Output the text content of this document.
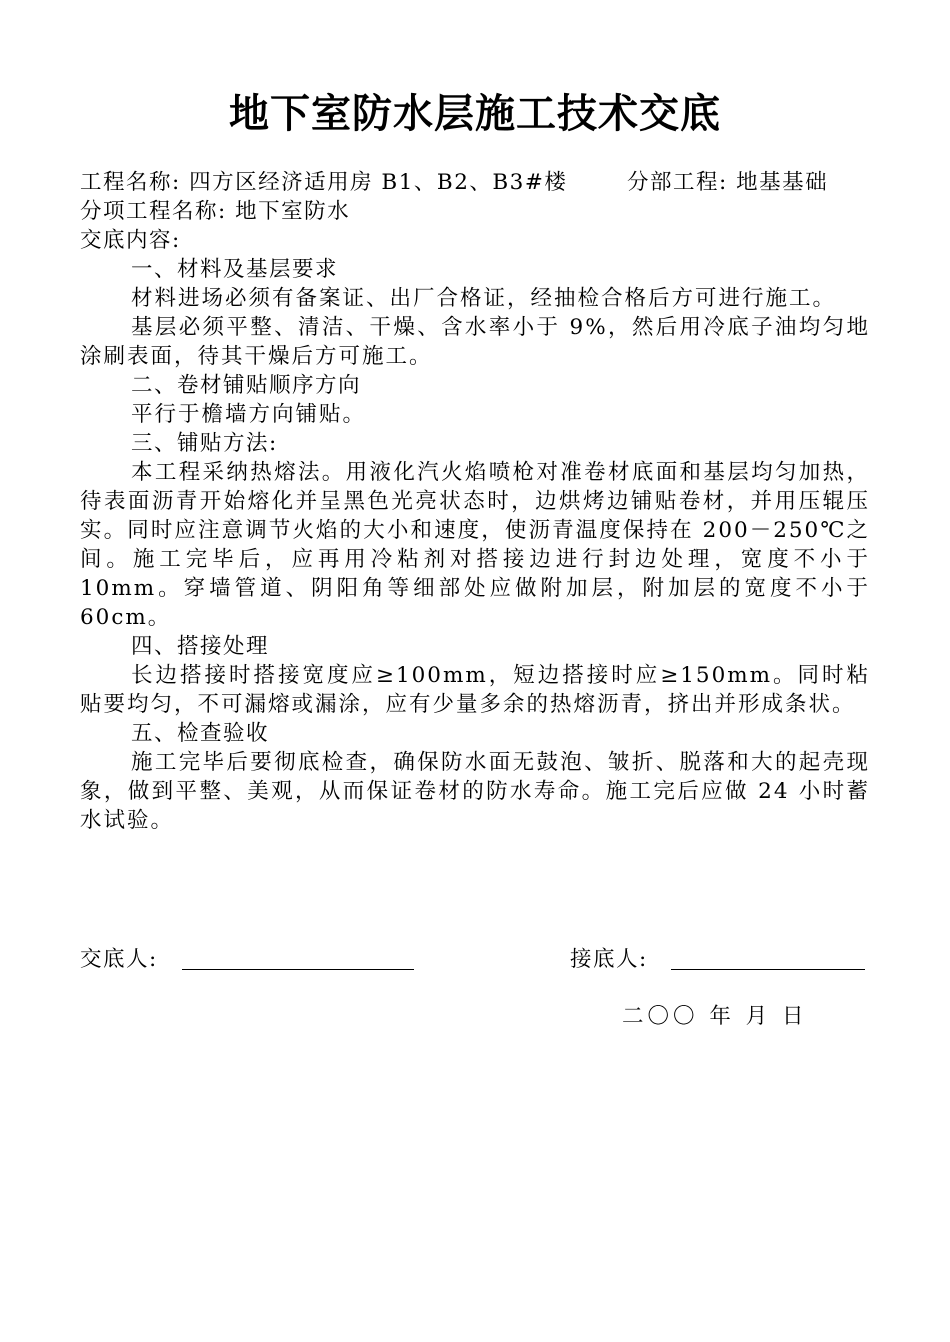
地下室防水层施工技术交底
工程名称: 四方区经济适用房 B1、B2、B3#楼	分部工程: 地基基础
分项工程名称: 地下室防水
交底内容:
一、材料及基层要求
材料进场必须有备案证、出厂合格证，经抽检合格后方可进行施工。
基层必须平整、清洁、干燥、含水率小于 9%，然后用冷底子油均匀地涂刷表面，待其干燥后方可施工。
二、卷材铺贴顺序方向
平行于檐墙方向铺贴。
三、铺贴方法:
本工程采纳热熔法。用液化汽火焰喷枪对准卷材底面和基层均匀加热，待表面沥青开始熔化并呈黑色光亮状态时，边烘烤边铺贴卷材，并用压辊压实。同时应注意调节火焰的大小和速度，使沥青温度保持在 200－250℃之间。施工完毕后，应再用冷粘剂对搭接边进行封边处理，宽度不小于 10mm。穿墙管道、阴阳角等细部处应做附加层，附加层的宽度不小于 60cm。
四、搭接处理
长边搭接时搭接宽度应≥100mm，短边搭接时应≥150mm。同时粘贴要均匀，不可漏熔或漏涂，应有少量多余的热熔沥青，挤出并形成条状。
五、检查验收
施工完毕后要彻底检查，确保防水面无鼓泡、皱折、脱落和大的起壳现象，做到平整、美观，从而保证卷材的防水寿命。施工完后应做 24 小时蓄水试验。
交底人:	接底人:
二〇〇 年 月 日
